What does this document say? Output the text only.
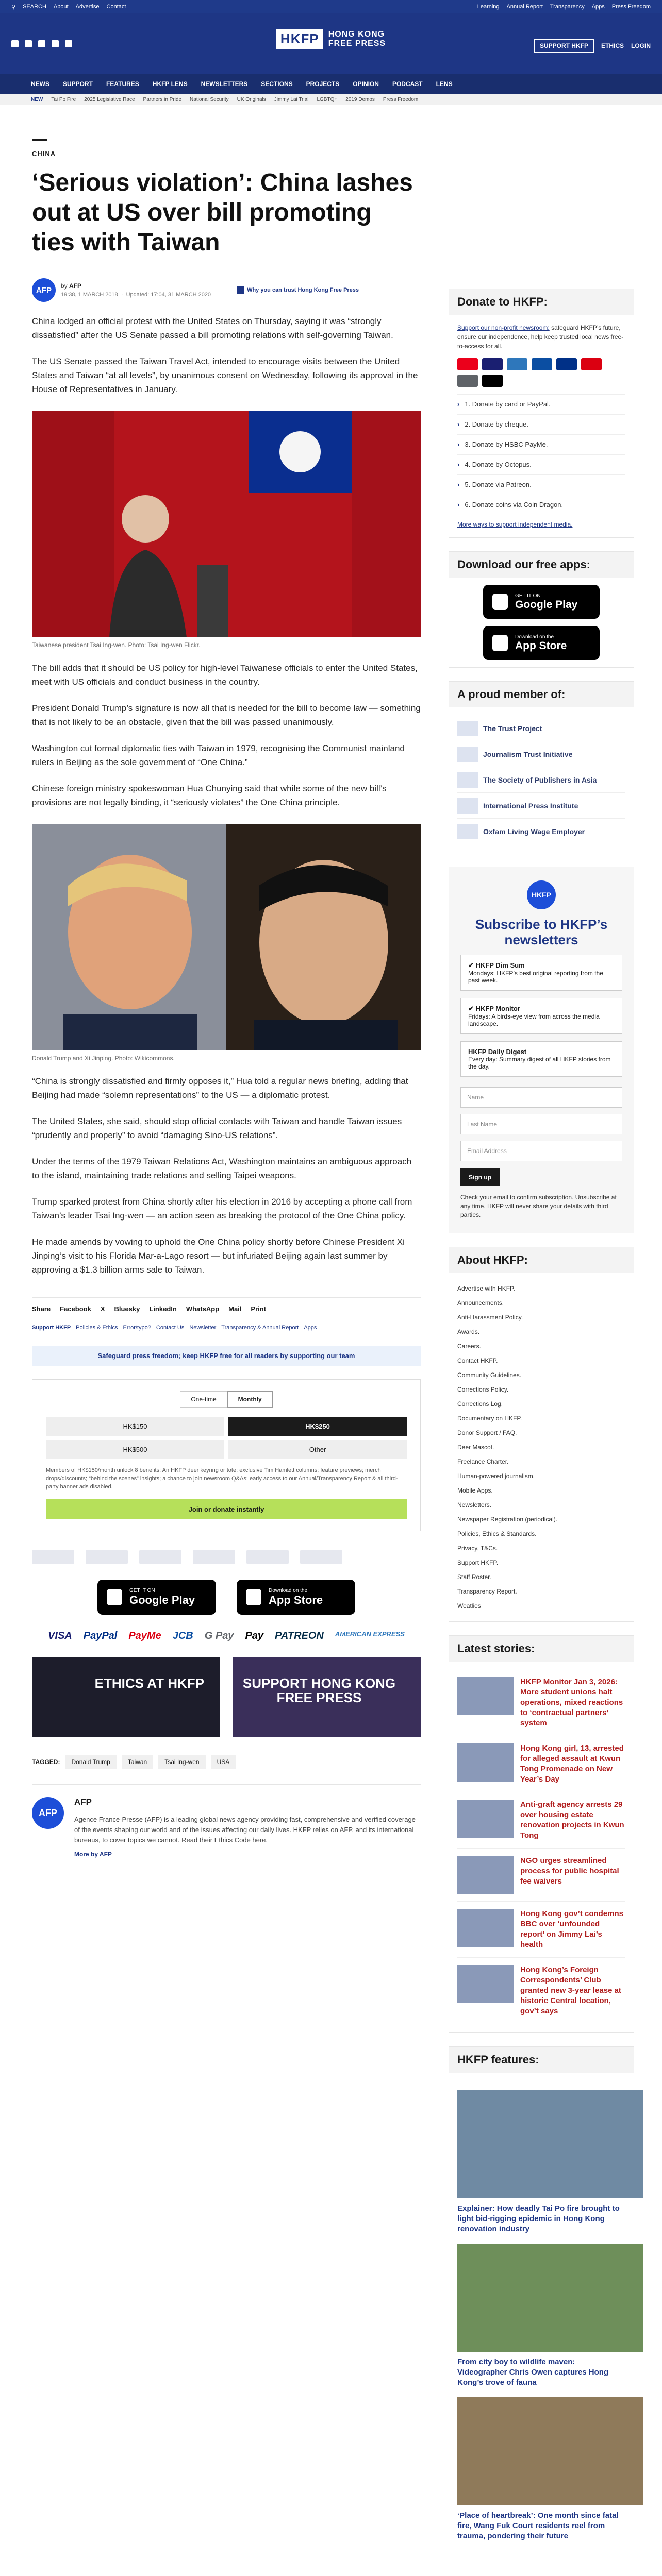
⚲ SEARCH About Advertise Contact	Learning Annual Report Transparency Apps Press Freedom
HKFP	HONG KONG
FREE PRESS	SUPPORT HKFP	ETHICS LOGIN
NEWS SUPPORT FEATURES HKFP LENS NEWSLETTERS SECTIONS PROJECTS OPINION PODCAST LENS
NEW Tai Po Fire 2025 Legislative Race Partners in Pride National Security UK Originals Jimmy Lai Trial LGBTQ+ 2019 Demos Press Freedom
CHINA
‘Serious violation’: China lashes out at US over bill promoting ties with Taiwan
AFP	by AFP
19:38, 1 MARCH 2018  ·  Updated: 17:04, 31 MARCH 2020
Why you can trust Hong Kong Free Press

China lodged an official protest with the United States on Thursday, saying it was “strongly dissatisfied” after the US Senate passed a bill promoting relations with self-governing Taiwan.

The US Senate passed the Taiwan Travel Act, intended to encourage visits between the United States and Taiwan “at all levels”, by unanimous consent on Wednesday, following its approval in the House of Representatives in January.

Taiwanese president Tsai Ing-wen. Photo: Tsai Ing-wen Flickr.

The bill adds that it should be US policy for high-level Taiwanese officials to enter the United States, meet with US officials and conduct business in the country.

President Donald Trump’s signature is now all that is needed for the bill to become law — something that is not likely to be an obstacle, given that the bill was passed unanimously.

Washington cut formal diplomatic ties with Taiwan in 1979, recognising the Communist mainland rulers in Beijing as the sole government of “One China.”

Chinese foreign ministry spokeswoman Hua Chunying said that while some of the new bill’s provisions are not legally binding, it “seriously violates” the One China principle.

Donald Trump and Xi Jinping. Photo: Wikicommons.

“China is strongly dissatisfied and firmly opposes it,” Hua told a regular news briefing, adding that Beijing had made “solemn representations” to the US — a diplomatic protest.

The United States, she said, should stop official contacts with Taiwan and handle Taiwan issues “prudently and properly” to avoid “damaging Sino-US relations”.

Under the terms of the 1979 Taiwan Relations Act, Washington maintains an ambiguous approach to the island, maintaining trade relations and selling Taipei weapons.

Trump sparked protest from China shortly after his election in 2016 by accepting a phone call from Taiwan’s leader Tsai Ing-wen — an action seen as breaking the protocol of the One China policy.

He made amends by vowing to uphold the One China policy shortly before Chinese President Xi Jinping’s visit to his Florida Mar-a-Lago resort — but infuriated Beijing again last summer by approving a $1.3 billion arms sale to Taiwan.

Share Facebook X Bluesky LinkedIn WhatsApp Mail Print
Support HKFP Policies & Ethics Error/typo? Contact Us Newsletter Transparency & Annual Report Apps
Safeguard press freedom; keep HKFP free for all readers by supporting our team
One-time	Monthly
HK$150	HK$250
HK$500	Other
Members of HK$150/month unlock 8 benefits: An HKFP deer keyring or tote; exclusive Tim Hamlett columns; feature previews; merch drops/discounts; “behind the scenes” insights; a chance to join newsroom Q&As; early access to our Annual/Transparency Report & all third-party banner ads disabled.
Join or donate instantly
GET IT ON
Google Play
Download on the
App Store
VISA PayPal PayMe JCB G Pay Pay PATREON AMERICAN EXPRESS
ETHICS AT HKFP	SUPPORT HONG KONG FREE PRESS
TAGGED:	Donald Trump	Taiwan	Tsai Ing-wen	USA
AFP
AFP
Agence France-Presse (AFP) is a leading global news agency providing fast, comprehensive and verified coverage of the events shaping our world and of the issues affecting our daily lives. HKFP relies on AFP, and its international bureaus, to cover topics we cannot. Read their Ethics Code here.
More by AFP
Donate to HKFP:
Support our non-profit newsroom: safeguard HKFP’s future, ensure our independence, help keep trusted local news free-to-access for all.
› 1. Donate by card or PayPal.
› 2. Donate by cheque.
› 3. Donate by HSBC PayMe.
› 4. Donate by Octopus.
› 5. Donate via Patreon.
› 6. Donate coins via Coin Dragon.
More ways to support independent media.
Download our free apps:
GET IT ON
Google Play
Download on the
App Store
A proud member of:
The Trust Project
Journalism Trust Initiative
The Society of Publishers in Asia
International Press Institute
Oxfam Living Wage Employer
HKFP
Subscribe to HKFP’s newsletters
✔ HKFP Dim Sum
Mondays: HKFP’s best original reporting from the past week.
✔ HKFP Monitor
Fridays: A birds-eye view from across the media landscape.
HKFP Daily Digest
Every day: Summary digest of all HKFP stories from the day.
Name
Last Name
Email Address
Sign up
Check your email to confirm subscription. Unsubscribe at any time. HKFP will never share your details with third parties.
About HKFP:
Advertise with HKFP.
Announcements.
Anti-Harassment Policy.
Awards.
Careers.
Contact HKFP.
Community Guidelines.
Corrections Policy.
Corrections Log.
Documentary on HKFP.
Donor Support / FAQ.
Deer Mascot.
Freelance Charter.
Human-powered journalism.
Mobile Apps.
Newsletters.
Newspaper Registration (periodical).
Policies, Ethics & Standards.
Privacy, T&Cs.
Support HKFP.
Staff Roster.
Transparency Report.
Weatlies
Latest stories:
HKFP Monitor Jan 3, 2026: More student unions halt operations, mixed reactions to ‘contractual partners’ system
Hong Kong girl, 13, arrested for alleged assault at Kwun Tong Promenade on New Year’s Day
Anti-graft agency arrests 29 over housing estate renovation projects in Kwun Tong
NGO urges streamlined process for public hospital fee waivers
Hong Kong gov’t condemns BBC over ‘unfounded report’ on Jimmy Lai’s health
Hong Kong’s Foreign Correspondents’ Club granted new 3-year lease at historic Central location, gov’t says
HKFP features:
Explainer: How deadly Tai Po fire brought to light bid-rigging epidemic in Hong Kong renovation industry
From city boy to wildlife maven: Videographer Chris Owen captures Hong Kong’s trove of fauna
‘Place of heartbreak’: One month since fatal fire, Wang Fuk Court residents reel from trauma, pondering their future
